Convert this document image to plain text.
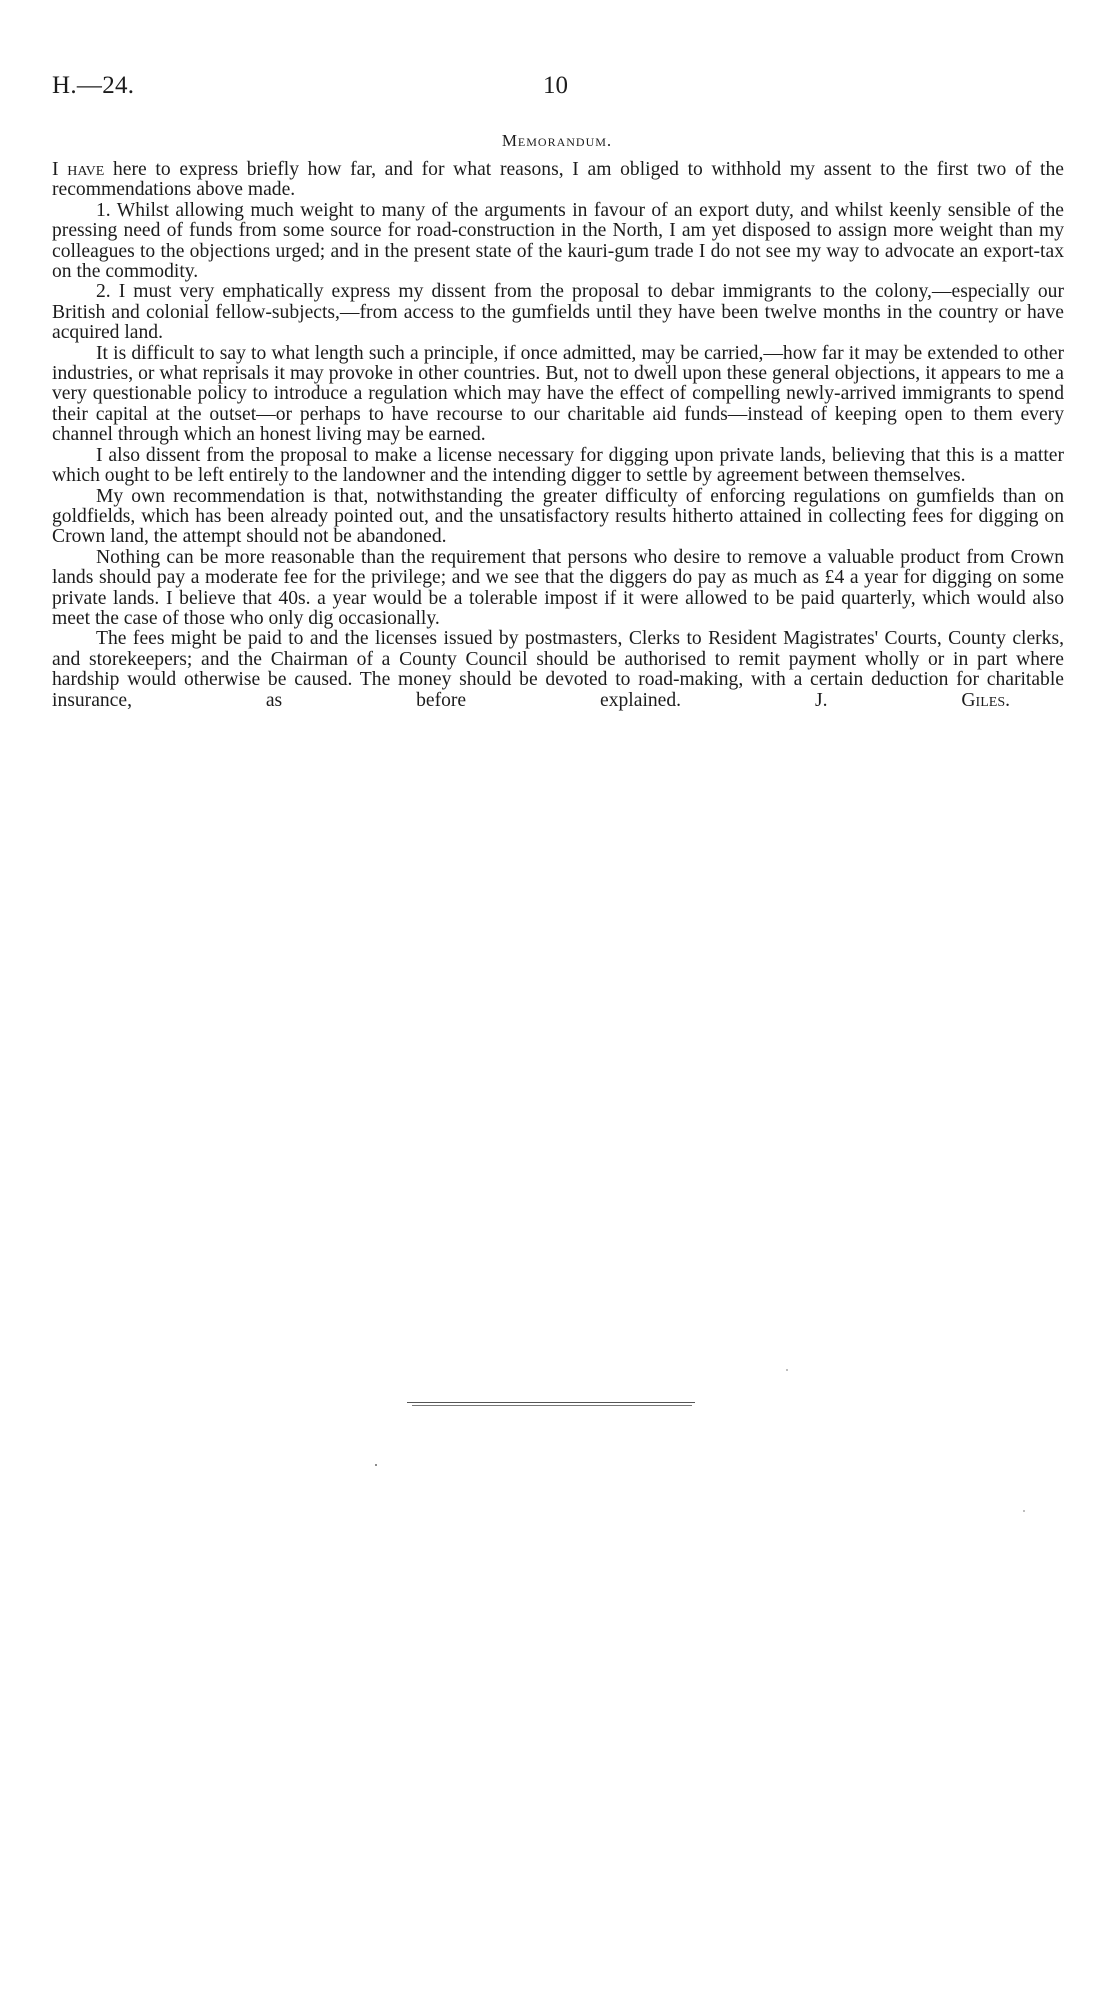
H.—24.	10
Memorandum.

I have here to express briefly how far, and for what reasons, I am obliged to withhold my assent to the first two of the recommendations above made.

1. Whilst allowing much weight to many of the arguments in favour of an export duty, and whilst keenly sensible of the pressing need of funds from some source for road-construction in the North, I am yet disposed to assign more weight than my colleagues to the objections urged; and in the present state of the kauri-gum trade I do not see my way to advocate an export-tax on the commodity.

2. I must very emphatically express my dissent from the proposal to debar immigrants to the colony,—especially our British and colonial fellow-subjects,—from access to the gumfields until they have been twelve months in the country or have acquired land.

It is difficult to say to what length such a principle, if once admitted, may be carried,—how far it may be extended to other industries, or what reprisals it may provoke in other countries. But, not to dwell upon these general objections, it appears to me a very questionable policy to introduce a regulation which may have the effect of compelling newly-arrived immigrants to spend their capital at the outset—or perhaps to have recourse to our charitable aid funds—instead of keeping open to them every channel through which an honest living may be earned.

I also dissent from the proposal to make a license necessary for digging upon private lands, believing that this is a matter which ought to be left entirely to the landowner and the intending digger to settle by agreement between themselves.

My own recommendation is that, notwithstanding the greater difficulty of enforcing regulations on gumfields than on goldfields, which has been already pointed out, and the unsatisfactory results hitherto attained in collecting fees for digging on Crown land, the attempt should not be abandoned.

Nothing can be more reasonable than the requirement that persons who desire to remove a valuable product from Crown lands should pay a moderate fee for the privilege; and we see that the diggers do pay as much as £4 a year for digging on some private lands. I believe that 40s. a year would be a tolerable impost if it were allowed to be paid quarterly, which would also meet the case of those who only dig occasionally.

The fees might be paid to and the licenses issued by postmasters, Clerks to Resident Magistrates' Courts, County clerks, and storekeepers; and the Chairman of a County Council should be authorised to remit payment wholly or in part where hardship would otherwise be caused. The money should be devoted to road-making, with a certain deduction for charitable insurance, as before explained.	J. Giles.
